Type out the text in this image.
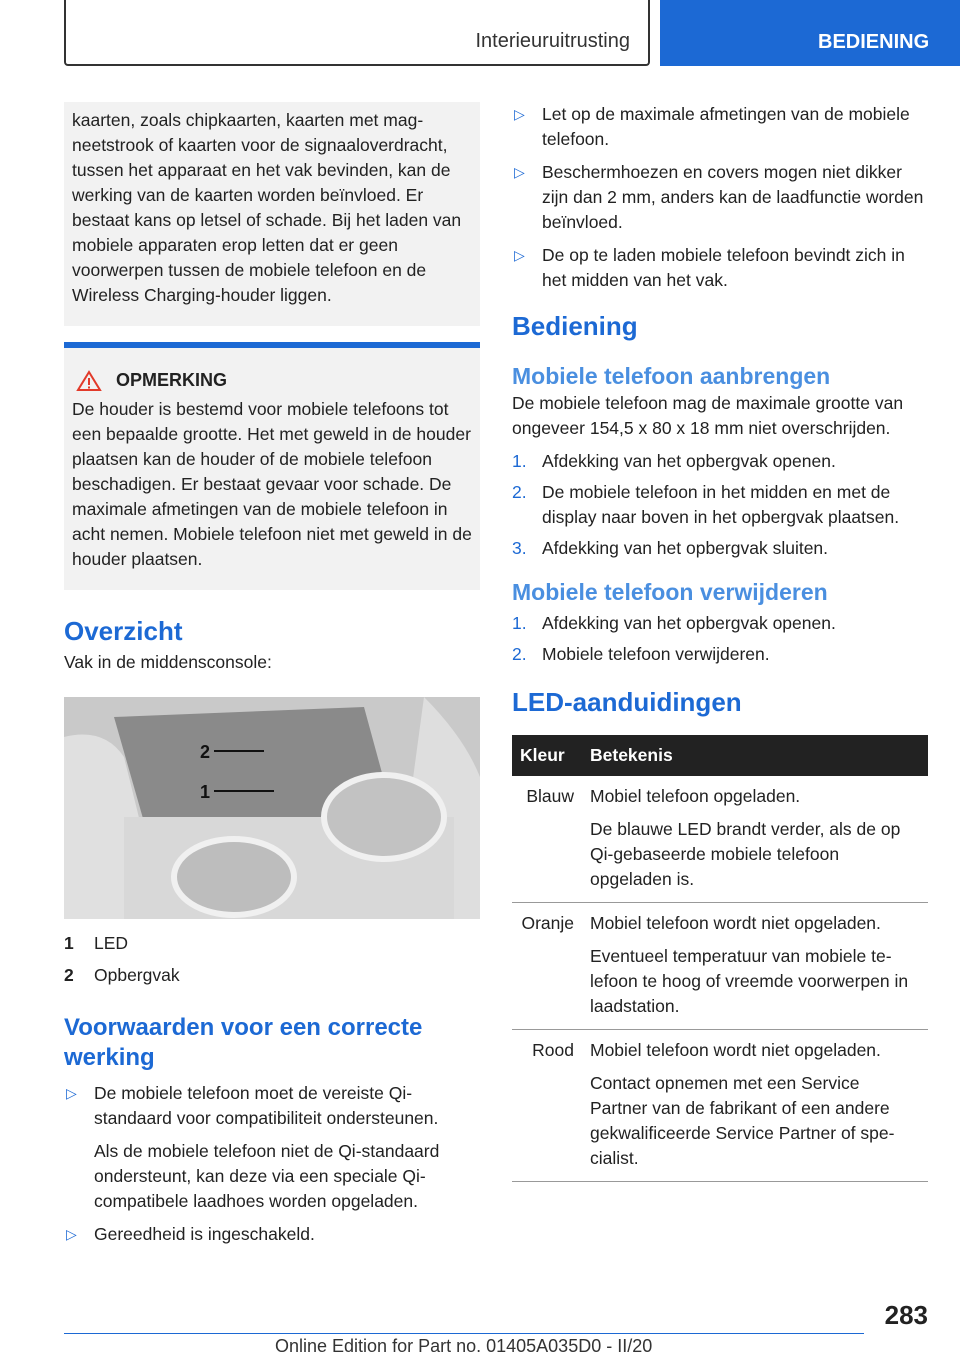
Interieuruitrusting	BEDIENING

kaarten, zoals chipkaarten, kaarten met magneetstrook of kaarten voor de signaaloverdracht, tussen het apparaat en het vak bevinden, kan de werking van de kaarten worden beïnvloed. Er bestaat kans op letsel of schade. Bij het laden van mobiele apparaten erop letten dat er geen voorwerpen tussen de mobiele telefoon en de Wireless Charging-houder liggen.

OPMERKING

De houder is bestemd voor mobiele telefoons tot een bepaalde grootte. Het met geweld in de houder plaatsen kan de houder of de mobiele telefoon beschadigen. Er bestaat gevaar voor schade. De maximale afmetingen van de mobiele telefoon in acht nemen. Mobiele telefoon niet met geweld in de houder plaatsen.

Overzicht

Vak in de middensconsole:

2
1
1	LED
2	Opbergvak
Voorwaarden voor een correcte werking
▷ De mobiele telefoon moet de vereiste Qi-standaard voor compatibiliteit ondersteunen.

Als de mobiele telefoon niet de Qi-standaard ondersteunt, kan deze via een speciale Qi-compatibele laadhoes worden opgeladen.

▷ Gereedheid is ingeschakeld.
▷ Let op de maximale afmetingen van de mobiele telefoon.
▷ Beschermhoezen en covers mogen niet dikker zijn dan 2 mm, anders kan de laadfunctie worden beïnvloed.
▷ De op te laden mobiele telefoon bevindt zich in het midden van het vak.
Bediening
Mobiele telefoon aanbrengen

De mobiele telefoon mag de maximale grootte van ongeveer 154,5 x 80 x 18 mm niet overschrijden.

1. Afdekking van het opbergvak openen.
2. De mobiele telefoon in het midden en met de display naar boven in het opbergvak plaatsen.
3. Afdekking van het opbergvak sluiten.
Mobiele telefoon verwijderen
1. Afdekking van het opbergvak openen.
2. Mobiele telefoon verwijderen.
LED-aanduidingen
Kleur	Betekenis
Blauw	Mobiel telefoon opgeladen.

De blauwe LED brandt verder, als de op Qi-gebaseerde mobiele telefoon opgeladen is.

Oranje	Mobiel telefoon wordt niet opgeladen.

Eventueel temperatuur van mobiele telefoon te hoog of vreemde voorwerpen in laadstation.

Rood	Mobiel telefoon wordt niet opgeladen.

Contact opnemen met een Service Partner van de fabrikant of een andere gekwalificeerde Service Partner of specialist.

283
Online Edition for Part no. 01405A035D0 - II/20
